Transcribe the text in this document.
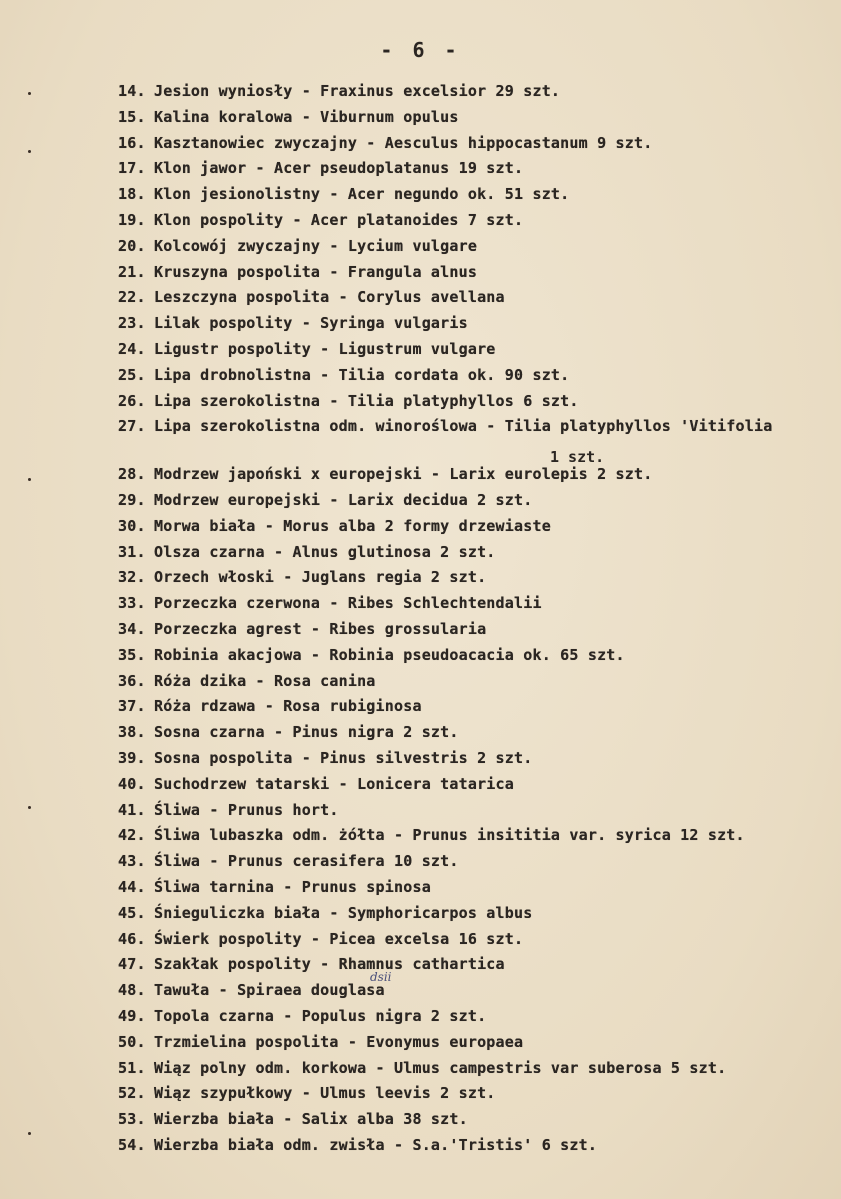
- 6 -
14. Jesion wyniosły - Fraxinus excelsior 29 szt.
15. Kalina koralowa - Viburnum opulus
16. Kasztanowiec zwyczajny - Aesculus hippocastanum 9 szt.
17. Klon jawor - Acer pseudoplatanus 19 szt.
18. Klon jesionolistny - Acer negundo ok. 51 szt.
19. Klon pospolity - Acer platanoides 7 szt.
20. Kolcowój zwyczajny - Lycium vulgare
21. Kruszyna pospolita - Frangula alnus
22. Leszczyna pospolita - Corylus avellana
23. Lilak pospolity - Syringa vulgaris
24. Ligustr pospolity - Ligustrum vulgare
25. Lipa drobnolistna - Tilia cordata ok. 90 szt.
26. Lipa szerokolistna - Tilia platyphyllos 6 szt.
27. Lipa szerokolistna odm. winoroślowa - Tilia platyphyllos 'Vitifolia
28. Modrzew japoński x europejski - Larix eurolepis 2 szt.
29. Modrzew europejski - Larix decidua 2 szt.
30. Morwa biała - Morus alba 2 formy drzewiaste
31. Olsza czarna - Alnus glutinosa 2 szt.
32. Orzech włoski - Juglans regia 2 szt.
33. Porzeczka czerwona - Ribes Schlechtendalii
34. Porzeczka agrest - Ribes grossularia
35. Robinia akacjowa - Robinia pseudoacacia ok. 65 szt.
36. Róża dzika - Rosa canina
37. Róża rdzawa - Rosa rubiginosa
38. Sosna czarna - Pinus nigra 2 szt.
39. Sosna pospolita - Pinus silvestris 2 szt.
40. Suchodrzew tatarski - Lonicera tatarica
41. Śliwa - Prunus hort.
42. Śliwa lubaszka odm. żółta - Prunus insititia var. syrica 12 szt.
43. Śliwa - Prunus cerasifera 10 szt.
44. Śliwa tarnina - Prunus spinosa
45. Śnieguliczka biała - Symphoricarpos albus
46. Świerk pospolity - Picea excelsa 16 szt.
47. Szakłak pospolity - Rhamnus cathartica
48. Tawuła - Spiraea douglasa
49. Topola czarna - Populus nigra 2 szt.
50. Trzmielina pospolita - Evonymus europaea
51. Wiąz polny odm. korkowa - Ulmus campestris var suberosa 5 szt.
52. Wiąz szypułkowy - Ulmus leevis 2 szt.
53. Wierzba biała - Salix alba 38 szt.
54. Wierzba biała odm. zwisła - S.a.'Tristis' 6 szt.
1 szt.
dsii
